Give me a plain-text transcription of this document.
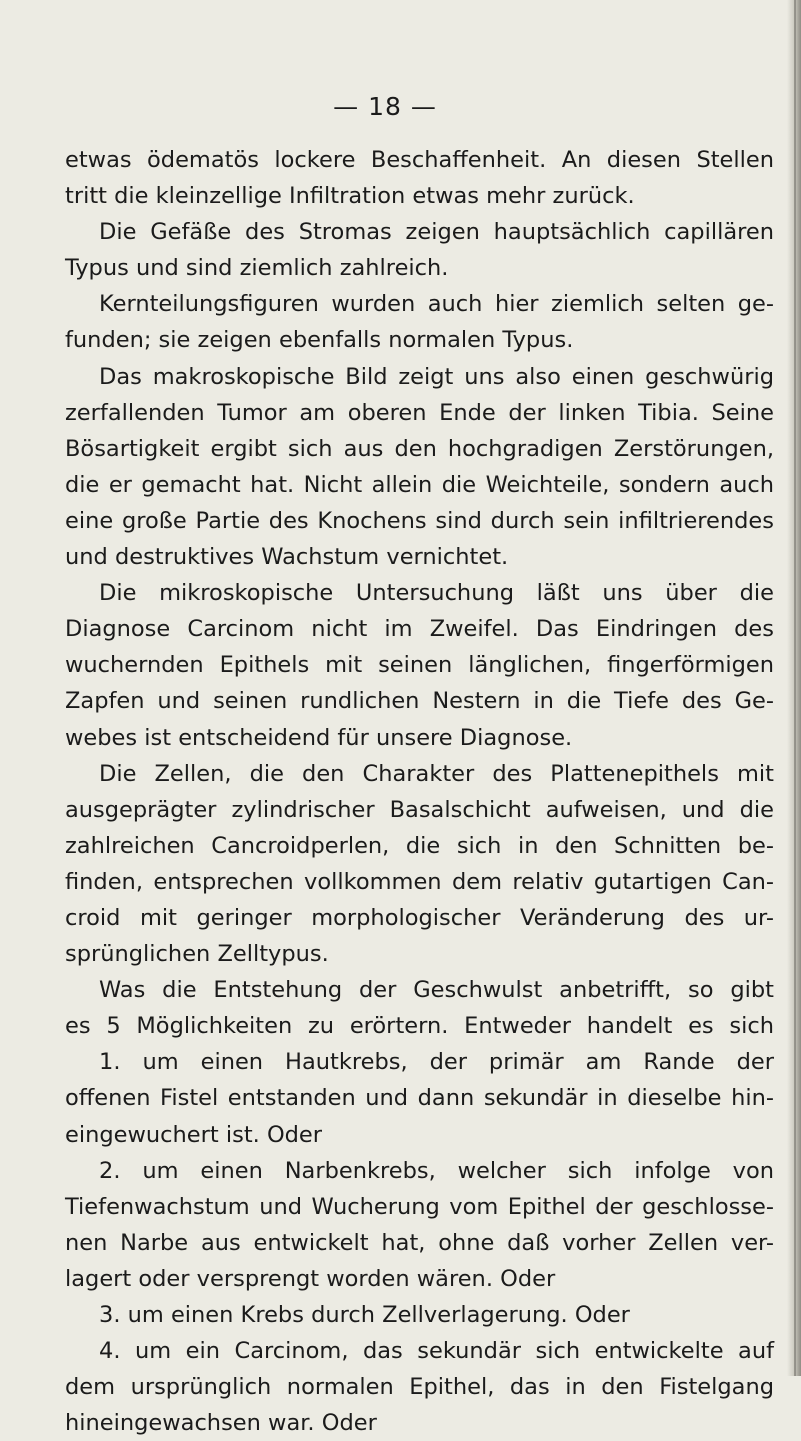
— 18 —

etwas ödematös lockere Beschaffenheit. An diesen Stellen
tritt die kleinzellige Infiltration etwas mehr zurück.
Die Gefäße des Stromas zeigen hauptsächlich capillären
Typus und sind ziemlich zahlreich.
Kernteilungsfiguren wurden auch hier ziemlich selten ge-
funden; sie zeigen ebenfalls normalen Typus.
Das makroskopische Bild zeigt uns also einen geschwürig
zerfallenden Tumor am oberen Ende der linken Tibia. Seine
Bösartigkeit ergibt sich aus den hochgradigen Zerstörungen,
die er gemacht hat. Nicht allein die Weichteile, sondern auch
eine große Partie des Knochens sind durch sein infiltrierendes
und destruktives Wachstum vernichtet.
Die mikroskopische Untersuchung läßt uns über die
Diagnose Carcinom nicht im Zweifel. Das Eindringen des
wuchernden Epithels mit seinen länglichen, fingerförmigen
Zapfen und seinen rundlichen Nestern in die Tiefe des Ge-
webes ist entscheidend für unsere Diagnose.
Die Zellen, die den Charakter des Plattenepithels mit
ausgeprägter zylindrischer Basalschicht aufweisen, und die
zahlreichen Cancroidperlen, die sich in den Schnitten be-
finden, entsprechen vollkommen dem relativ gutartigen Can-
croid mit geringer morphologischer Veränderung des ur-
sprünglichen Zelltypus.
Was die Entstehung der Geschwulst anbetrifft, so gibt
es 5 Möglichkeiten zu erörtern. Entweder handelt es sich
1. um einen Hautkrebs, der primär am Rande der
offenen Fistel entstanden und dann sekundär in dieselbe hin-
eingewuchert ist. Oder
2. um einen Narbenkrebs, welcher sich infolge von
Tiefenwachstum und Wucherung vom Epithel der geschlosse-
nen Narbe aus entwickelt hat, ohne daß vorher Zellen ver-
lagert oder versprengt worden wären. Oder
3. um einen Krebs durch Zellverlagerung. Oder
4. um ein Carcinom, das sekundär sich entwickelte auf
dem ursprünglich normalen Epithel, das in den Fistelgang
hineingewachsen war. Oder
